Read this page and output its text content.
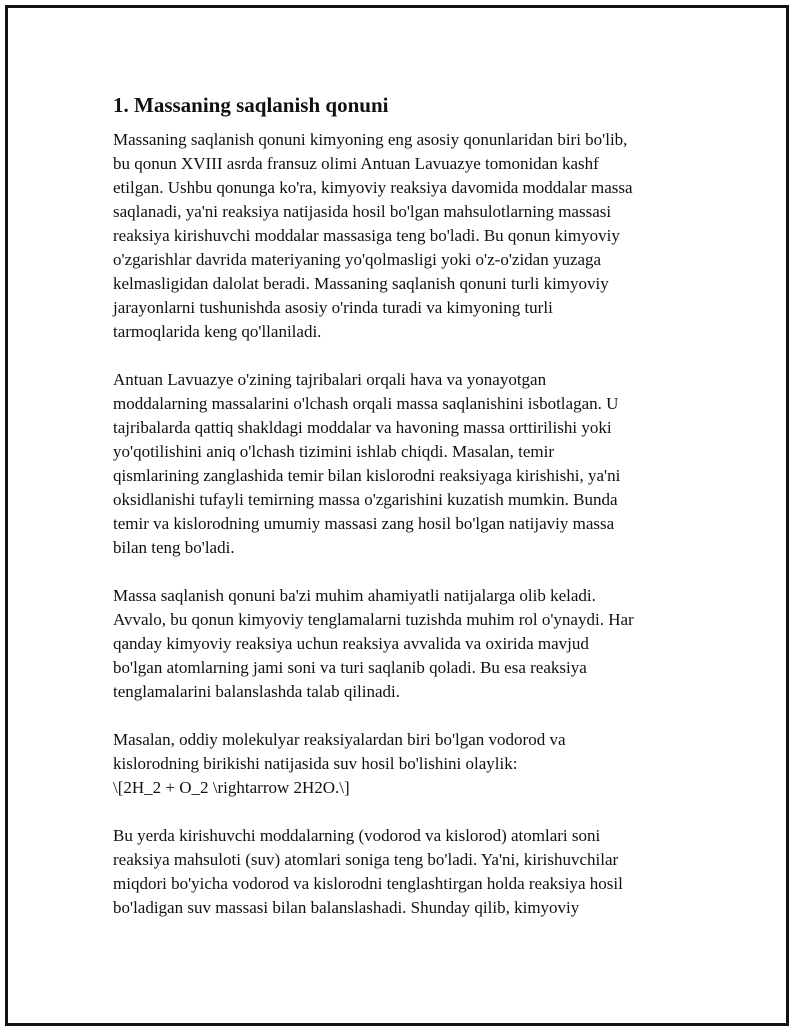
1. Massaning saqlanish qonuni

Massaning saqlanish qonuni kimyoning eng asosiy qonunlaridan biri bo'lib,
bu qonun XVIII asrda fransuz olimi Antuan Lavuazye tomonidan kashf
etilgan. Ushbu qonunga ko'ra, kimyoviy reaksiya davomida moddalar massa
saqlanadi, ya'ni reaksiya natijasida hosil bo'lgan mahsulotlarning massasi
reaksiya kirishuvchi moddalar massasiga teng bo'ladi. Bu qonun kimyoviy
o'zgarishlar davrida materiyaning yo'qolmasligi yoki o'z-o'zidan yuzaga
kelmasligidan dalolat beradi. Massaning saqlanish qonuni turli kimyoviy
jarayonlarni tushunishda asosiy o'rinda turadi va kimyoning turli
tarmoqlarida keng qo'llaniladi.

Antuan Lavuazye o'zining tajribalari orqali hava va yonayotgan
moddalarning massalarini o'lchash orqali massa saqlanishini isbotlagan. U
tajribalarda qattiq shakldagi moddalar va havoning massa orttirilishi yoki
yo'qotilishini aniq o'lchash tizimini ishlab chiqdi. Masalan, temir
qismlarining zanglashida temir bilan kislorodni reaksiyaga kirishishi, ya'ni
oksidlanishi tufayli temirning massa o'zgarishini kuzatish mumkin. Bunda
temir va kislorodning umumiy massasi zang hosil bo'lgan natijaviy massa
bilan teng bo'ladi.

Massa saqlanish qonuni ba'zi muhim ahamiyatli natijalarga olib keladi.
Avvalo, bu qonun kimyoviy tenglamalarni tuzishda muhim rol o'ynaydi. Har
qanday kimyoviy reaksiya uchun reaksiya avvalida va oxirida mavjud
bo'lgan atomlarning jami soni va turi saqlanib qoladi. Bu esa reaksiya
tenglamalarini balanslashda talab qilinadi.

Masalan, oddiy molekulyar reaksiyalardan biri bo'lgan vodorod va
kislorodning birikishi natijasida suv hosil bo'lishini olaylik:
\[2H_2 + O_2 \rightarrow 2H2O.\]

Bu yerda kirishuvchi moddalarning (vodorod va kislorod) atomlari soni
reaksiya mahsuloti (suv) atomlari soniga teng bo'ladi. Ya'ni, kirishuvchilar
miqdori bo'yicha vodorod va kislorodni tenglashtirgan holda reaksiya hosil
bo'ladigan suv massasi bilan balanslashadi. Shunday qilib, kimyoviy
